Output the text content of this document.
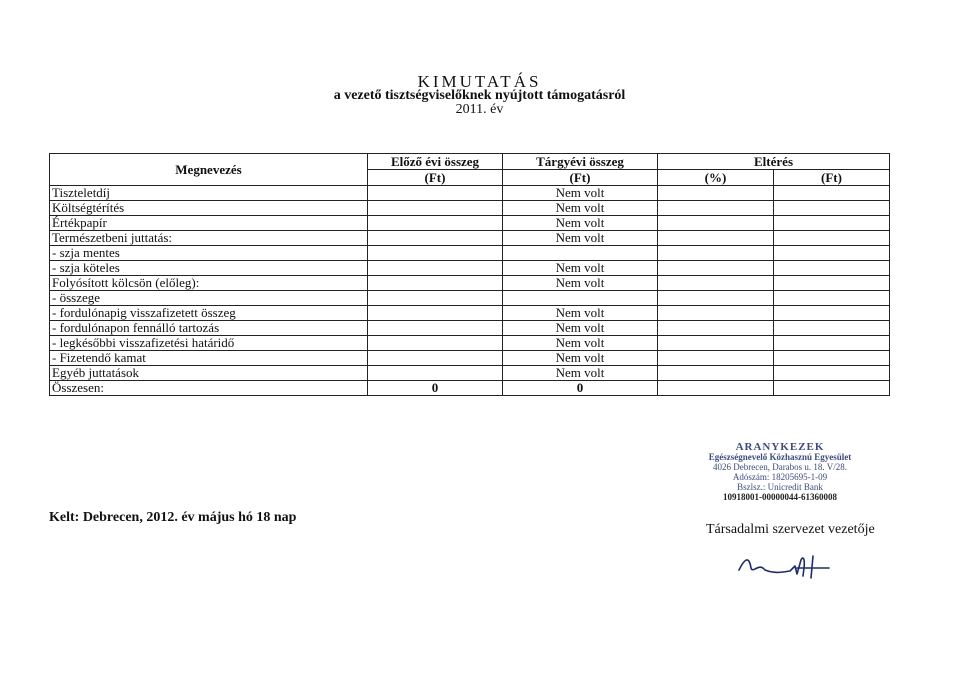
KIMUTATÁS
a vezető tisztségviselőknek nyújtott támogatásról
2011. év
Megnevezés	Előző évi összeg	Tárgyévi összeg	Eltérés	
	(Ft)	(Ft)	(%)	(Ft)
Tiszteletdíj		Nem volt		
Költségtérítés		Nem volt		
Értékpapír		Nem volt		
Természetbeni juttatás:		Nem volt		
- szja mentes				
- szja köteles		Nem volt		
Folyósított kölcsön (előleg):		Nem volt		
- összege				
- fordulónapig visszafizetett összeg		Nem volt		
- fordulónapon fennálló tartozás		Nem volt		
- legkésőbbi visszafizetési határidő		Nem volt		
- Fizetendő kamat		Nem volt		
Egyéb juttatások		Nem volt		
Összesen:	0	0		
Kelt: Debrecen, 2012. év május hó 18 nap
ARANYKEZEK
Egészségnevelő Közhasznú Egyesület
4026 Debrecen, Darabos u. 18. V/28.
Adószám: 18205695-1-09
Bszlsz.: Unicredit Bank
10918001-00000044-61360008
Társadalmi szervezet vezetője
